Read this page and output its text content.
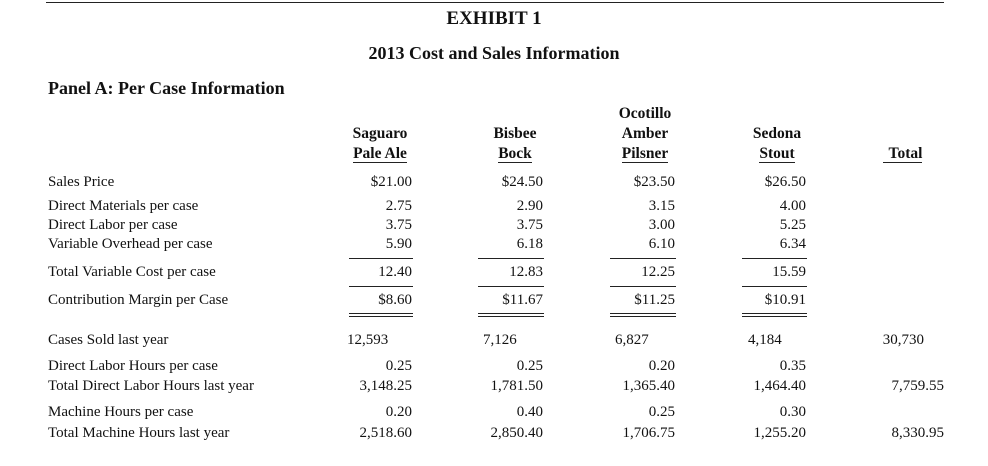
EXHIBIT 1
2013 Cost and Sales Information
Panel A: Per Case Information

Saguaro
Pale Ale

Bisbee
Bock
Ocotillo
Amber
Pilsner

Sedona
Stout

	Total
Sales Price
Direct Materials per case
Direct Labor per case
Variable Overhead per case
Total Variable Cost per case
Contribution Margin per Case
Cases Sold last year
Direct Labor Hours per case
Total Direct Labor Hours last year
Machine Hours per case
Total Machine Hours last year
$21.00
2.75
3.75
5.90
12.40
$8.60
12,593
0.25
3,148.25
0.20
2,518.60
$24.50
2.90
3.75
6.18
12.83
$11.67
7,126
0.25
1,781.50
0.40
2,850.40
$23.50
3.15
3.00
6.10
12.25
$11.25
6,827
0.20
1,365.40
0.25
1,706.75
$26.50
4.00
5.25
6.34
15.59
$10.91
4,184
0.35
1,464.40
0.30
1,255.20
30,730
7,759.55
8,330.95
